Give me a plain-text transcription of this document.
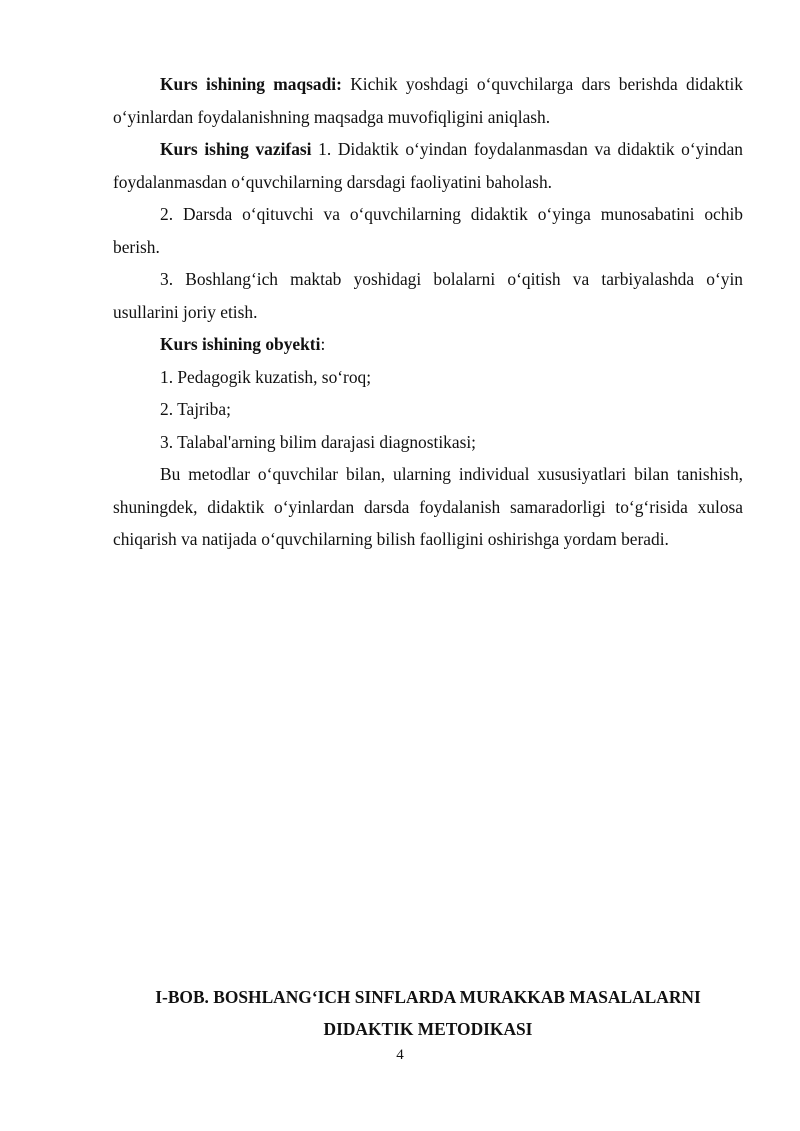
Kurs ishining maqsadi: Kichik yoshdagi o‘quvchilarga dars berishda didaktik o‘yinlardan foydalanishning maqsadga muvofiqligini aniqlash.

Kurs ishing vazifasi 1. Didaktik o‘yindan foydalanmasdan va didaktik o‘yindan foydalanmasdan o‘quvchilarning darsdagi faoliyatini baholash.

2. Darsda o‘qituvchi va o‘quvchilarning didaktik o‘yinga munosabatini ochib berish.

3. Boshlang‘ich maktab yoshidagi bolalarni o‘qitish va tarbiyalashda o‘yin usullarini joriy etish.

Kurs ishining obyekti:

1. Pedagogik kuzatish, so‘roq;

2. Tajriba;

3. Talabal'arning bilim darajasi diagnostikasi;

Bu metodlar o‘quvchilar bilan, ularning individual xususiyatlari bilan tanishish, shuningdek, didaktik o‘yinlardan darsda foydalanish samaradorligi to‘g‘risida xulosa chiqarish va natijada o‘quvchilarning bilish faolligini oshirishga yordam beradi.

I-BOB. BOSHLANG‘ICH SINFLARDA MURAKKAB MASALALARNI
DIDAKTIK METODIKASI
4
